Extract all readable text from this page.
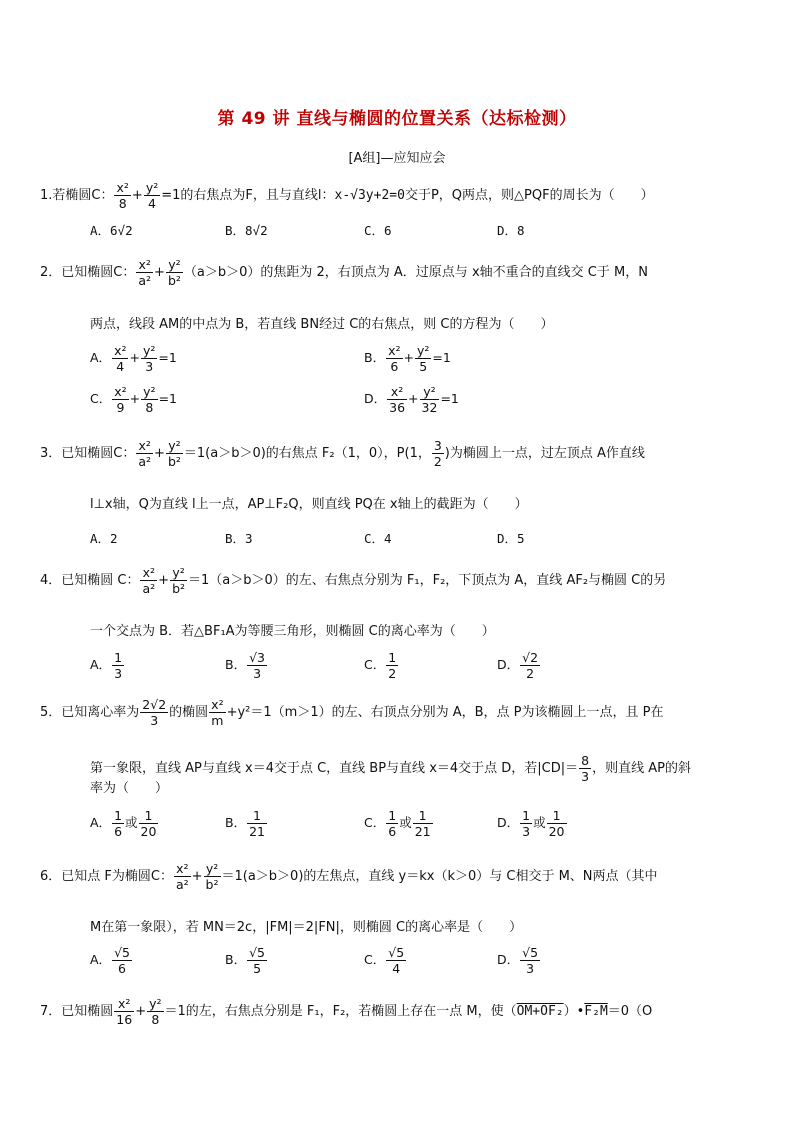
第 49 讲 直线与椭圆的位置关系（达标检测）
[A组]—应知应会
1.若椭圆C： $\frac{\text{x²}}{8} + \frac{\text{y²}}{4} =1$的右焦点为F，且与直线l：x-√3y+2=0交于P，Q两点，则△PQF的周长为（　　）
A．6√2	B．8√2	C．6	D．8
2．已知椭圆C： $\frac{\text{x²}}{\text{a²}} + \frac{\text{y²}}{\text{b²}} (a>b>0)$的焦距为 2，右顶点为 A．过原点与 x轴不重合的直线交 C于 M，N
两点，线段 AM的中点为 B，若直线 BN经过 C的右焦点，则 C的方程为（　　）
A． $\frac{\text{x²}}{4} + \frac{\text{y²}}{3} =1$	B． $\frac{\text{x²}}{6} + \frac{\text{y²}}{5} =1$
C． $\frac{\text{x²}}{9} + \frac{\text{y²}}{8} =1$	D． $\frac{\text{x²}}{36} + \frac{\text{y²}}{32} =1$
3．已知椭圆C： $\frac{\text{x²}}{\text{a²}} + \frac{\text{y²}}{\text{b²}} =1(a>b>0)$的右焦点 F₂（1，0），P(1， $\frac{3}{2}$ )为椭圆上一点，过左顶点 A作直线
l⊥x轴，Q为直线 l上一点，AP⊥F₂Q，则直线 PQ在 x轴上的截距为（　　）
A．2	B．3	C．4	D．5
4．已知椭圆 C： $\frac{\text{x²}}{\text{a²}} + \frac{\text{y²}}{\text{b²}} =1(a>b>0)$的左、右焦点分别为 F₁，F₂，下顶点为 A，直线 AF₂与椭圆 C的另
一个交点为 B．若△BF₁A为等腰三角形，则椭圆 C的离心率为（　　）
A． $\frac{1}{3}$	B． $\frac{√3}{3}$	C． $\frac{1}{2}$	D． $\frac{√2}{2}$
5．已知离心率为 $\frac{2√2}{3}$ 的椭圆 $\frac{\text{x²}}{m} +y^2=1(m>1)$的左、右顶点分别为 A，B，点 P为该椭圆上一点，且 P在
第一象限，直线 AP与直线 x＝4交于点 C，直线 BP与直线 x＝4交于点 D，若$|CD|= \frac{8}{3}$ ，则直线 AP的斜
率为（　　）
A． $\frac{1}{6}$ 或 $\frac{1}{20}$	B． $\frac{1}{21}$	C． $\frac{1}{6}$ 或 $\frac{1}{21}$	D． $\frac{1}{3}$ 或 $\frac{1}{20}$
6．已知点 F为椭圆C： $\frac{\text{x²}}{\text{a²}} + \frac{\text{y²}}{\text{b²}} =1(a>b>0)$的左焦点，直线 y＝kx（k＞0）与 C相交于 M、N两点（其中
M在第一象限），若 MN＝2c，|FM|＝2|FN|，则椭圆 C的离心率是（　　）
A． $\frac{√5}{6}$	B． $\frac{√5}{5}$	C． $\frac{√5}{4}$	D． $\frac{√5}{3}$
7．已知椭圆 $\frac{\text{x²}}{16} + \frac{\text{y²}}{8} =1$的左，右焦点分别是 F₁，F₂，若椭圆上存在一点 M，使（OM+OF₂）•F₂M＝0（O
